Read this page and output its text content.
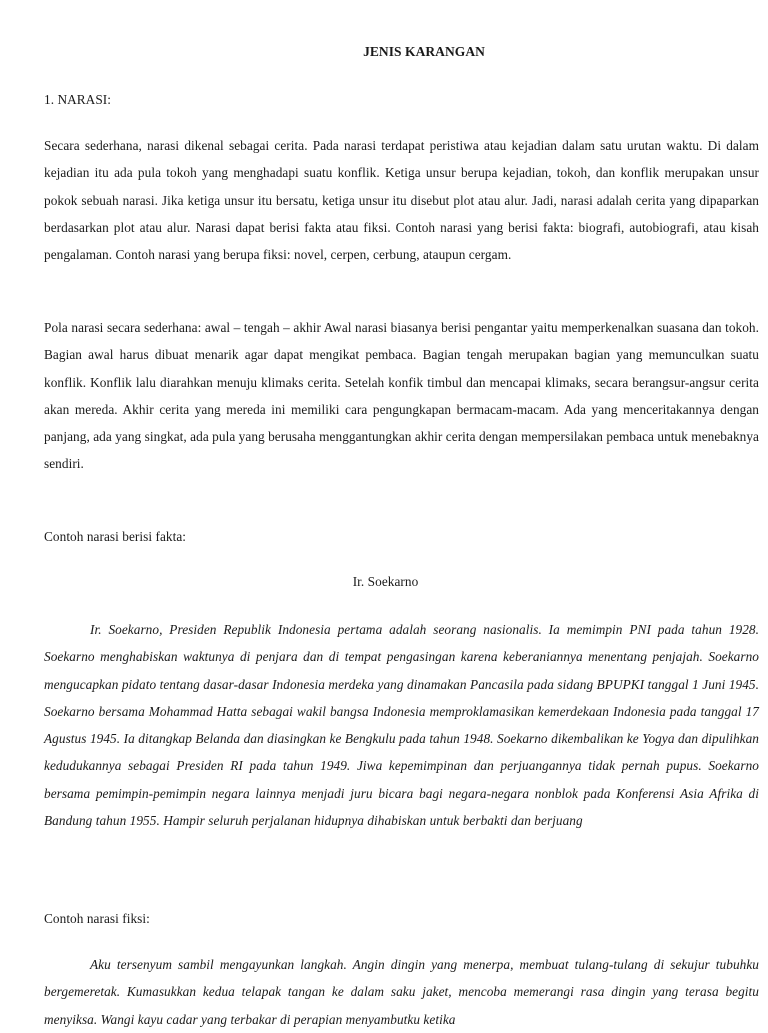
JENIS KARANGAN

1. NARASI:

Secara sederhana, narasi dikenal sebagai cerita. Pada narasi terdapat peristiwa atau kejadian dalam satu urutan waktu. Di dalam kejadian itu ada pula tokoh yang menghadapi suatu konflik. Ketiga unsur berupa kejadian, tokoh, dan konflik merupakan unsur pokok sebuah narasi. Jika ketiga unsur itu bersatu, ketiga unsur itu disebut plot atau alur. Jadi, narasi adalah cerita yang dipaparkan berdasarkan plot atau alur. Narasi dapat berisi fakta atau fiksi. Contoh narasi yang berisi fakta: biografi, autobiografi, atau kisah pengalaman. Contoh narasi yang berupa fiksi: novel, cerpen, cerbung, ataupun cergam.

Pola narasi secara sederhana: awal – tengah – akhir Awal narasi biasanya berisi pengantar yaitu memperkenalkan suasana dan tokoh. Bagian awal harus dibuat menarik agar dapat mengikat pembaca. Bagian tengah merupakan bagian yang memunculkan suatu konflik. Konflik lalu diarahkan menuju klimaks cerita. Setelah konfik timbul dan mencapai klimaks, secara berangsur-angsur cerita akan mereda. Akhir cerita yang mereda ini memiliki cara pengungkapan bermacam-macam. Ada yang menceritakannya dengan panjang, ada yang singkat, ada pula yang berusaha menggantungkan akhir cerita dengan mempersilakan pembaca untuk menebaknya sendiri.

Contoh narasi berisi fakta:

Ir. Soekarno

Ir. Soekarno, Presiden Republik Indonesia pertama adalah seorang nasionalis. Ia memimpin PNI pada tahun 1928. Soekarno menghabiskan waktunya di penjara dan di tempat pengasingan karena keberaniannya menentang penjajah. Soekarno mengucapkan pidato tentang dasar-dasar Indonesia merdeka yang dinamakan Pancasila pada sidang BPUPKI tanggal 1 Juni 1945. Soekarno bersama Mohammad Hatta sebagai wakil bangsa Indonesia memproklamasikan kemerdekaan Indonesia pada tanggal 17 Agustus 1945. Ia ditangkap Belanda dan diasingkan ke Bengkulu pada tahun 1948. Soekarno dikembalikan ke Yogya dan dipulihkan kedudukannya sebagai Presiden RI pada tahun 1949. Jiwa kepemimpinan dan perjuangannya tidak pernah pupus. Soekarno bersama pemimpin-pemimpin negara lainnya menjadi juru bicara bagi negara-negara nonblok pada Konferensi Asia Afrika di Bandung tahun 1955. Hampir seluruh perjalanan hidupnya dihabiskan untuk berbakti dan berjuang

Contoh narasi fiksi:

Aku tersenyum sambil mengayunkan langkah. Angin dingin yang menerpa, membuat tulang-tulang di sekujur tubuhku bergemeretak. Kumasukkan kedua telapak tangan ke dalam saku jaket, mencoba memerangi rasa dingin yang terasa begitu menyiksa. Wangi kayu cadar yang terbakar di perapian menyambutku ketika
